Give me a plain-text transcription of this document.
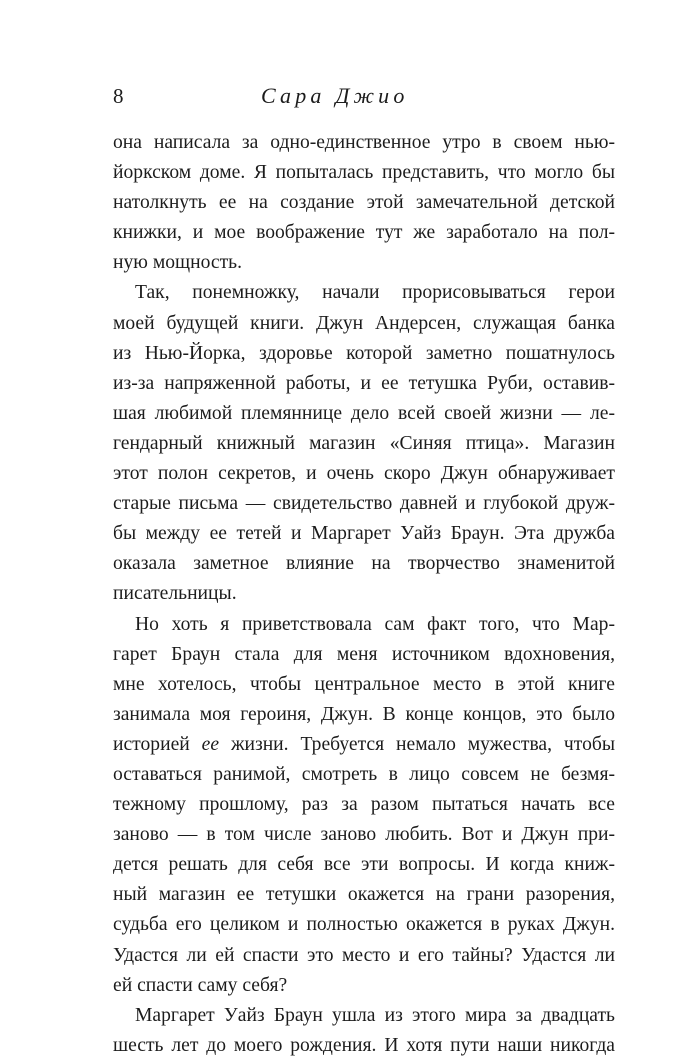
8	Сара Джио
она написала за одно-единственное утро в своем нью-
йоркском доме. Я попыталась представить, что могло бы
натолкнуть ее на создание этой замечательной детской
книжки, и мое воображение тут же заработало на пол-
ную мощность.
Так, понемножку, начали прорисовываться герои
моей будущей книги. Джун Андерсен, служащая банка
из Нью-Йорка, здоровье которой заметно пошатнулось
из-за напряженной работы, и ее тетушка Руби, оставив-
шая любимой племяннице дело всей своей жизни — ле-
гендарный книжный магазин «Синяя птица». Магазин
этот полон секретов, и очень скоро Джун обнаруживает
старые письма — свидетельство давней и глубокой друж-
бы между ее тетей и Маргарет Уайз Браун. Эта дружба
оказала заметное влияние на творчество знаменитой
писательницы.
Но хоть я приветствовала сам факт того, что Мар-
гарет Браун стала для меня источником вдохновения,
мне хотелось, чтобы центральное место в этой книге
занимала моя героиня, Джун. В конце концов, это было
историей ее жизни. Требуется немало мужества, чтобы
оставаться ранимой, смотреть в лицо совсем не безмя-
тежному прошлому, раз за разом пытаться начать все
заново — в том числе заново любить. Вот и Джун при-
дется решать для себя все эти вопросы. И когда книж-
ный магазин ее тетушки окажется на грани разорения,
судьба его целиком и полностью окажется в руках Джун.
Удастся ли ей спасти это место и его тайны? Удастся ли
ей спасти саму себя?
Маргарет Уайз Браун ушла из этого мира за двадцать
шесть лет до моего рождения. И хотя пути наши никогда
